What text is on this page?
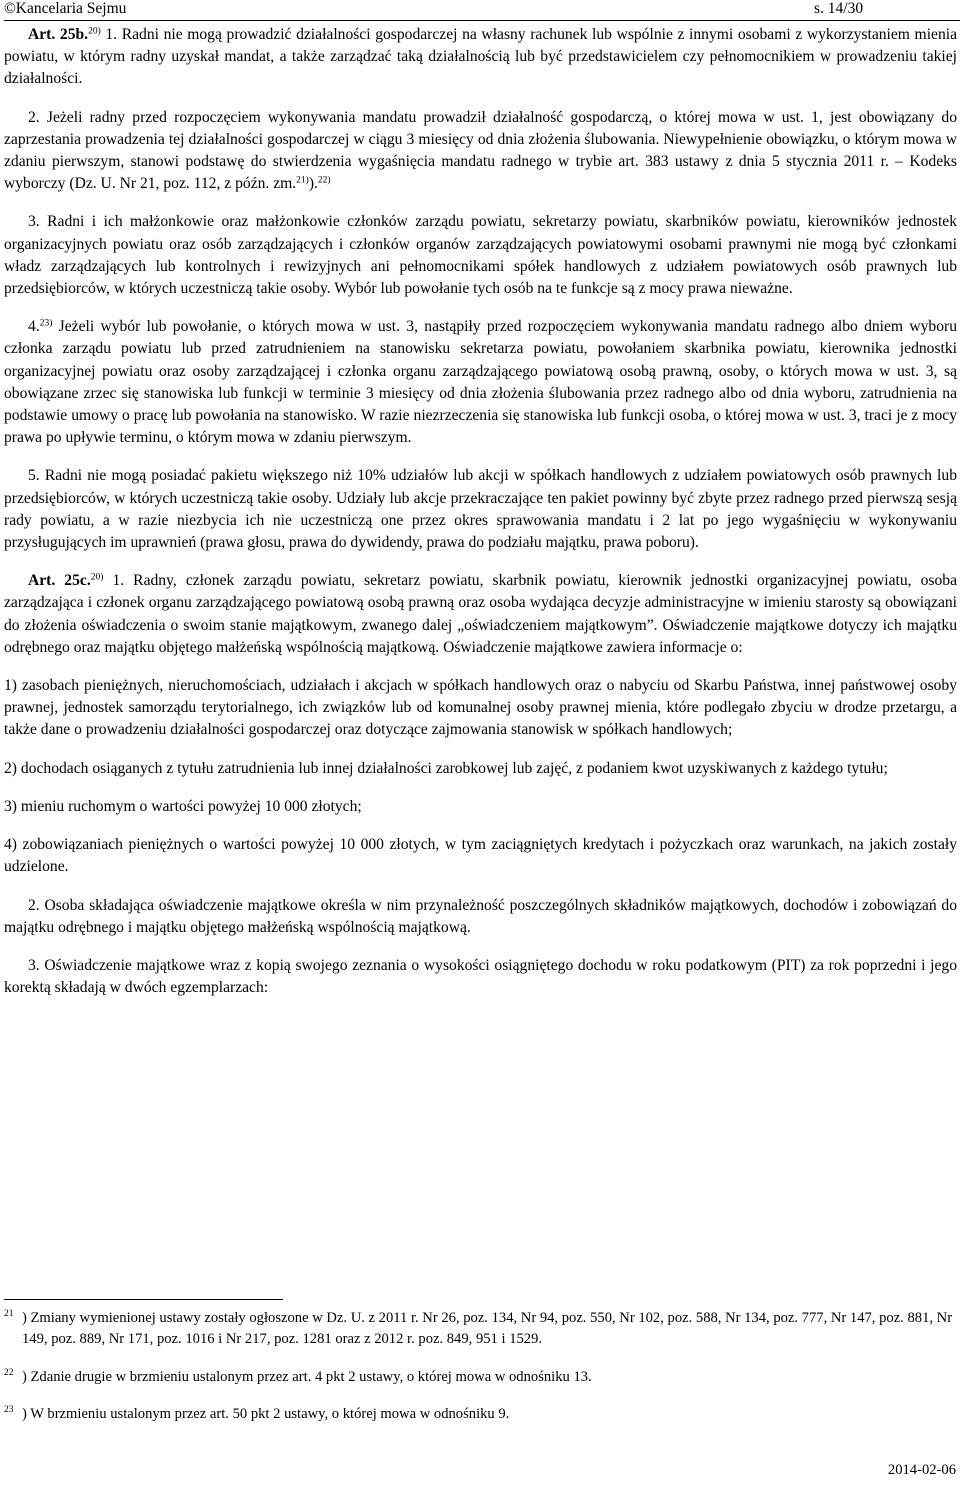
©Kancelaria Sejmu	s. 14/30

Art. 25b.$^{20)}$ 1. Radni nie mogą prowadzić działalności gospodarczej na własny rachunek lub wspólnie z innymi osobami z wykorzystaniem mienia powiatu, w którym radny uzyskał mandat, a także zarządzać taką działalnością lub być przedstawicielem czy pełnomocnikiem w prowadzeniu takiej działalności.

2. Jeżeli radny przed rozpoczęciem wykonywania mandatu prowadził działalność gospodarczą, o której mowa w ust. 1, jest obowiązany do zaprzestania prowadzenia tej działalności gospodarczej w ciągu 3 miesięcy od dnia złożenia ślubowania. Niewypełnienie obowiązku, o którym mowa w zdaniu pierwszym, stanowi podstawę do stwierdzenia wygaśnięcia mandatu radnego w trybie art. 383 ustawy z dnia 5 stycznia 2011 r. – Kodeks wyborczy (Dz. U. Nr 21, poz. 112, z późn. zm.$^{21)}$).$^{22)}$

3. Radni i ich małżonkowie oraz małżonkowie członków zarządu powiatu, sekretarzy powiatu, skarbników powiatu, kierowników jednostek organizacyjnych powiatu oraz osób zarządzających i członków organów zarządzających powiatowymi osobami prawnymi nie mogą być członkami władz zarządzających lub kontrolnych i rewizyjnych ani pełnomocnikami spółek handlowych z udziałem powiatowych osób prawnych lub przedsiębiorców, w których uczestniczą takie osoby. Wybór lub powołanie tych osób na te funkcje są z mocy prawa nieważne.

4.$^{23)}$ Jeżeli wybór lub powołanie, o których mowa w ust. 3, nastąpiły przed rozpoczęciem wykonywania mandatu radnego albo dniem wyboru członka zarządu powiatu lub przed zatrudnieniem na stanowisku sekretarza powiatu, powołaniem skarbnika powiatu, kierownika jednostki organizacyjnej powiatu oraz osoby zarządzającej i członka organu zarządzającego powiatową osobą prawną, osoby, o których mowa w ust. 3, są obowiązane zrzec się stanowiska lub funkcji w terminie 3 miesięcy od dnia złożenia ślubowania przez radnego albo od dnia wyboru, zatrudnienia na podstawie umowy o pracę lub powołania na stanowisko. W razie niezrzeczenia się stanowiska lub funkcji osoba, o której mowa w ust. 3, traci je z mocy prawa po upływie terminu, o którym mowa w zdaniu pierwszym.

5. Radni nie mogą posiadać pakietu większego niż 10% udziałów lub akcji w spółkach handlowych z udziałem powiatowych osób prawnych lub przedsiębiorców, w których uczestniczą takie osoby. Udziały lub akcje przekraczające ten pakiet powinny być zbyte przez radnego przed pierwszą sesją rady powiatu, a w razie niezbycia ich nie uczestniczą one przez okres sprawowania mandatu i 2 lat po jego wygaśnięciu w wykonywaniu przysługujących im uprawnień (prawa głosu, prawa do dywidendy, prawa do podziału majątku, prawa poboru).

Art. 25c.$^{20)}$ 1. Radny, członek zarządu powiatu, sekretarz powiatu, skarbnik powiatu, kierownik jednostki organizacyjnej powiatu, osoba zarządzająca i członek organu zarządzającego powiatową osobą prawną oraz osoba wydająca decyzje administracyjne w imieniu starosty są obowiązani do złożenia oświadczenia o swoim stanie majątkowym, zwanego dalej „oświadczeniem majątkowym”. Oświadczenie majątkowe dotyczy ich majątku odrębnego oraz majątku objętego małżeńską wspólnością majątkową. Oświadczenie majątkowe zawiera informacje o:

1) zasobach pieniężnych, nieruchomościach, udziałach i akcjach w spółkach handlowych oraz o nabyciu od Skarbu Państwa, innej państwowej osoby prawnej, jednostek samorządu terytorialnego, ich związków lub od komunalnej osoby prawnej mienia, które podlegało zbyciu w drodze przetargu, a także dane o prowadzeniu działalności gospodarczej oraz dotyczące zajmowania stanowisk w spółkach handlowych;

2) dochodach osiąganych z tytułu zatrudnienia lub innej działalności zarobkowej lub zajęć, z podaniem kwot uzyskiwanych z każdego tytułu;

3) mieniu ruchomym o wartości powyżej 10 000 złotych;

4) zobowiązaniach pieniężnych o wartości powyżej 10 000 złotych, w tym zaciągniętych kredytach i pożyczkach oraz warunkach, na jakich zostały udzielone.

2. Osoba składająca oświadczenie majątkowe określa w nim przynależność poszczególnych składników majątkowych, dochodów i zobowiązań do majątku odrębnego i majątku objętego małżeńską wspólnością majątkową.

3. Oświadczenie majątkowe wraz z kopią swojego zeznania o wysokości osiągniętego dochodu w roku podatkowym (PIT) za rok poprzedni i jego korektą składają w dwóch egzemplarzach:

21 ) Zmiany wymienionej ustawy zostały ogłoszone w Dz. U. z 2011 r. Nr 26, poz. 134, Nr 94, poz. 550, Nr 102, poz. 588, Nr 134, poz. 777, Nr 147, poz. 881, Nr 149, poz. 889, Nr 171, poz. 1016 i Nr 217, poz. 1281 oraz z 2012 r. poz. 849, 951 i 1529.
22 ) Zdanie drugie w brzmieniu ustalonym przez art. 4 pkt 2 ustawy, o której mowa w odnośniku 13.
23 ) W brzmieniu ustalonym przez art. 50 pkt 2 ustawy, o której mowa w odnośniku 9.
2014-02-06
